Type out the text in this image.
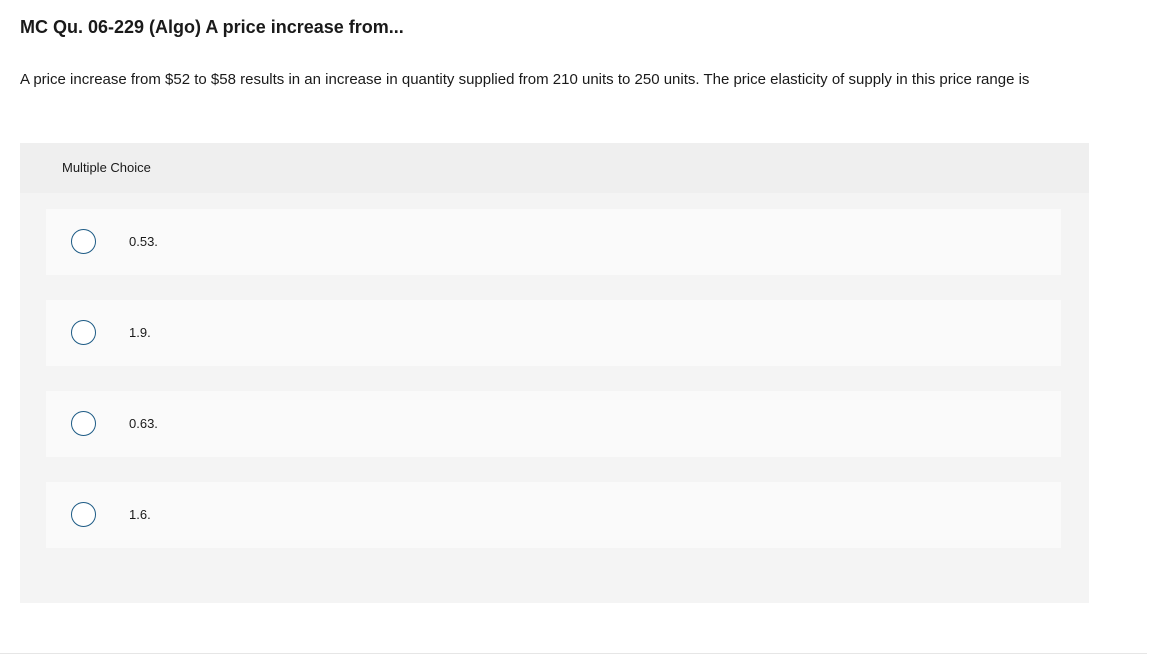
MC Qu. 06-229 (Algo) A price increase from...

A price increase from $52 to $58 results in an increase in quantity supplied from 210 units to 250 units. The price elasticity of supply in this price range is

Multiple Choice
0.53.
1.9.
0.63.
1.6.
